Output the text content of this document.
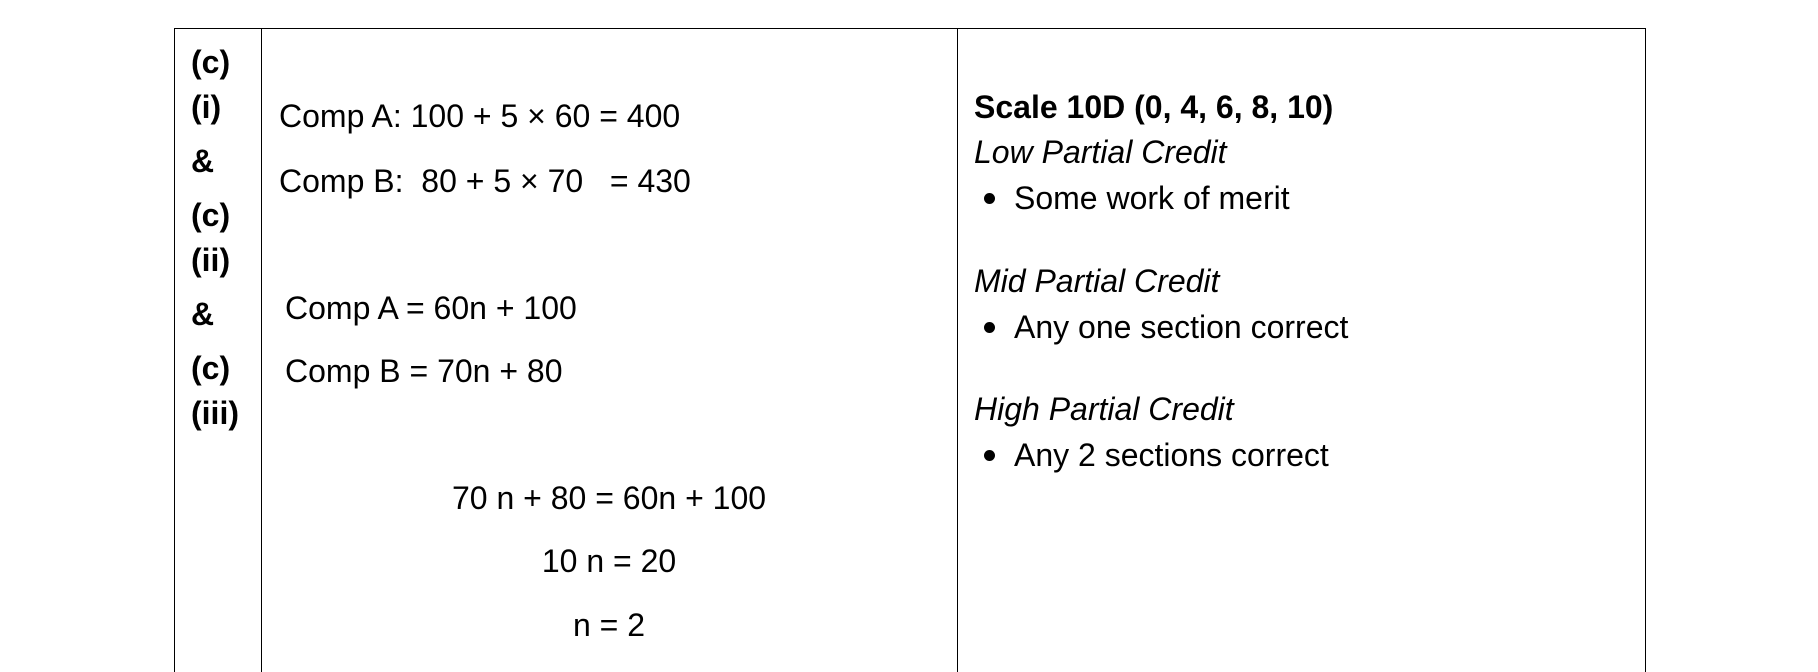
(c)
(i)
&
(c)
(ii)
&
(c)
(iii)
Comp A: 100 + 5 × 60 = 400
Comp B:  80 + 5 × 70   = 430
Comp A = 60n + 100
Comp B = 70n + 80
70 n + 80 = 60n + 100
10 n = 20
n = 2
Scale 10D (0, 4, 6, 8, 10)
Low Partial Credit
Some work of merit
Mid Partial Credit
Any one section correct
High Partial Credit
Any 2 sections correct
